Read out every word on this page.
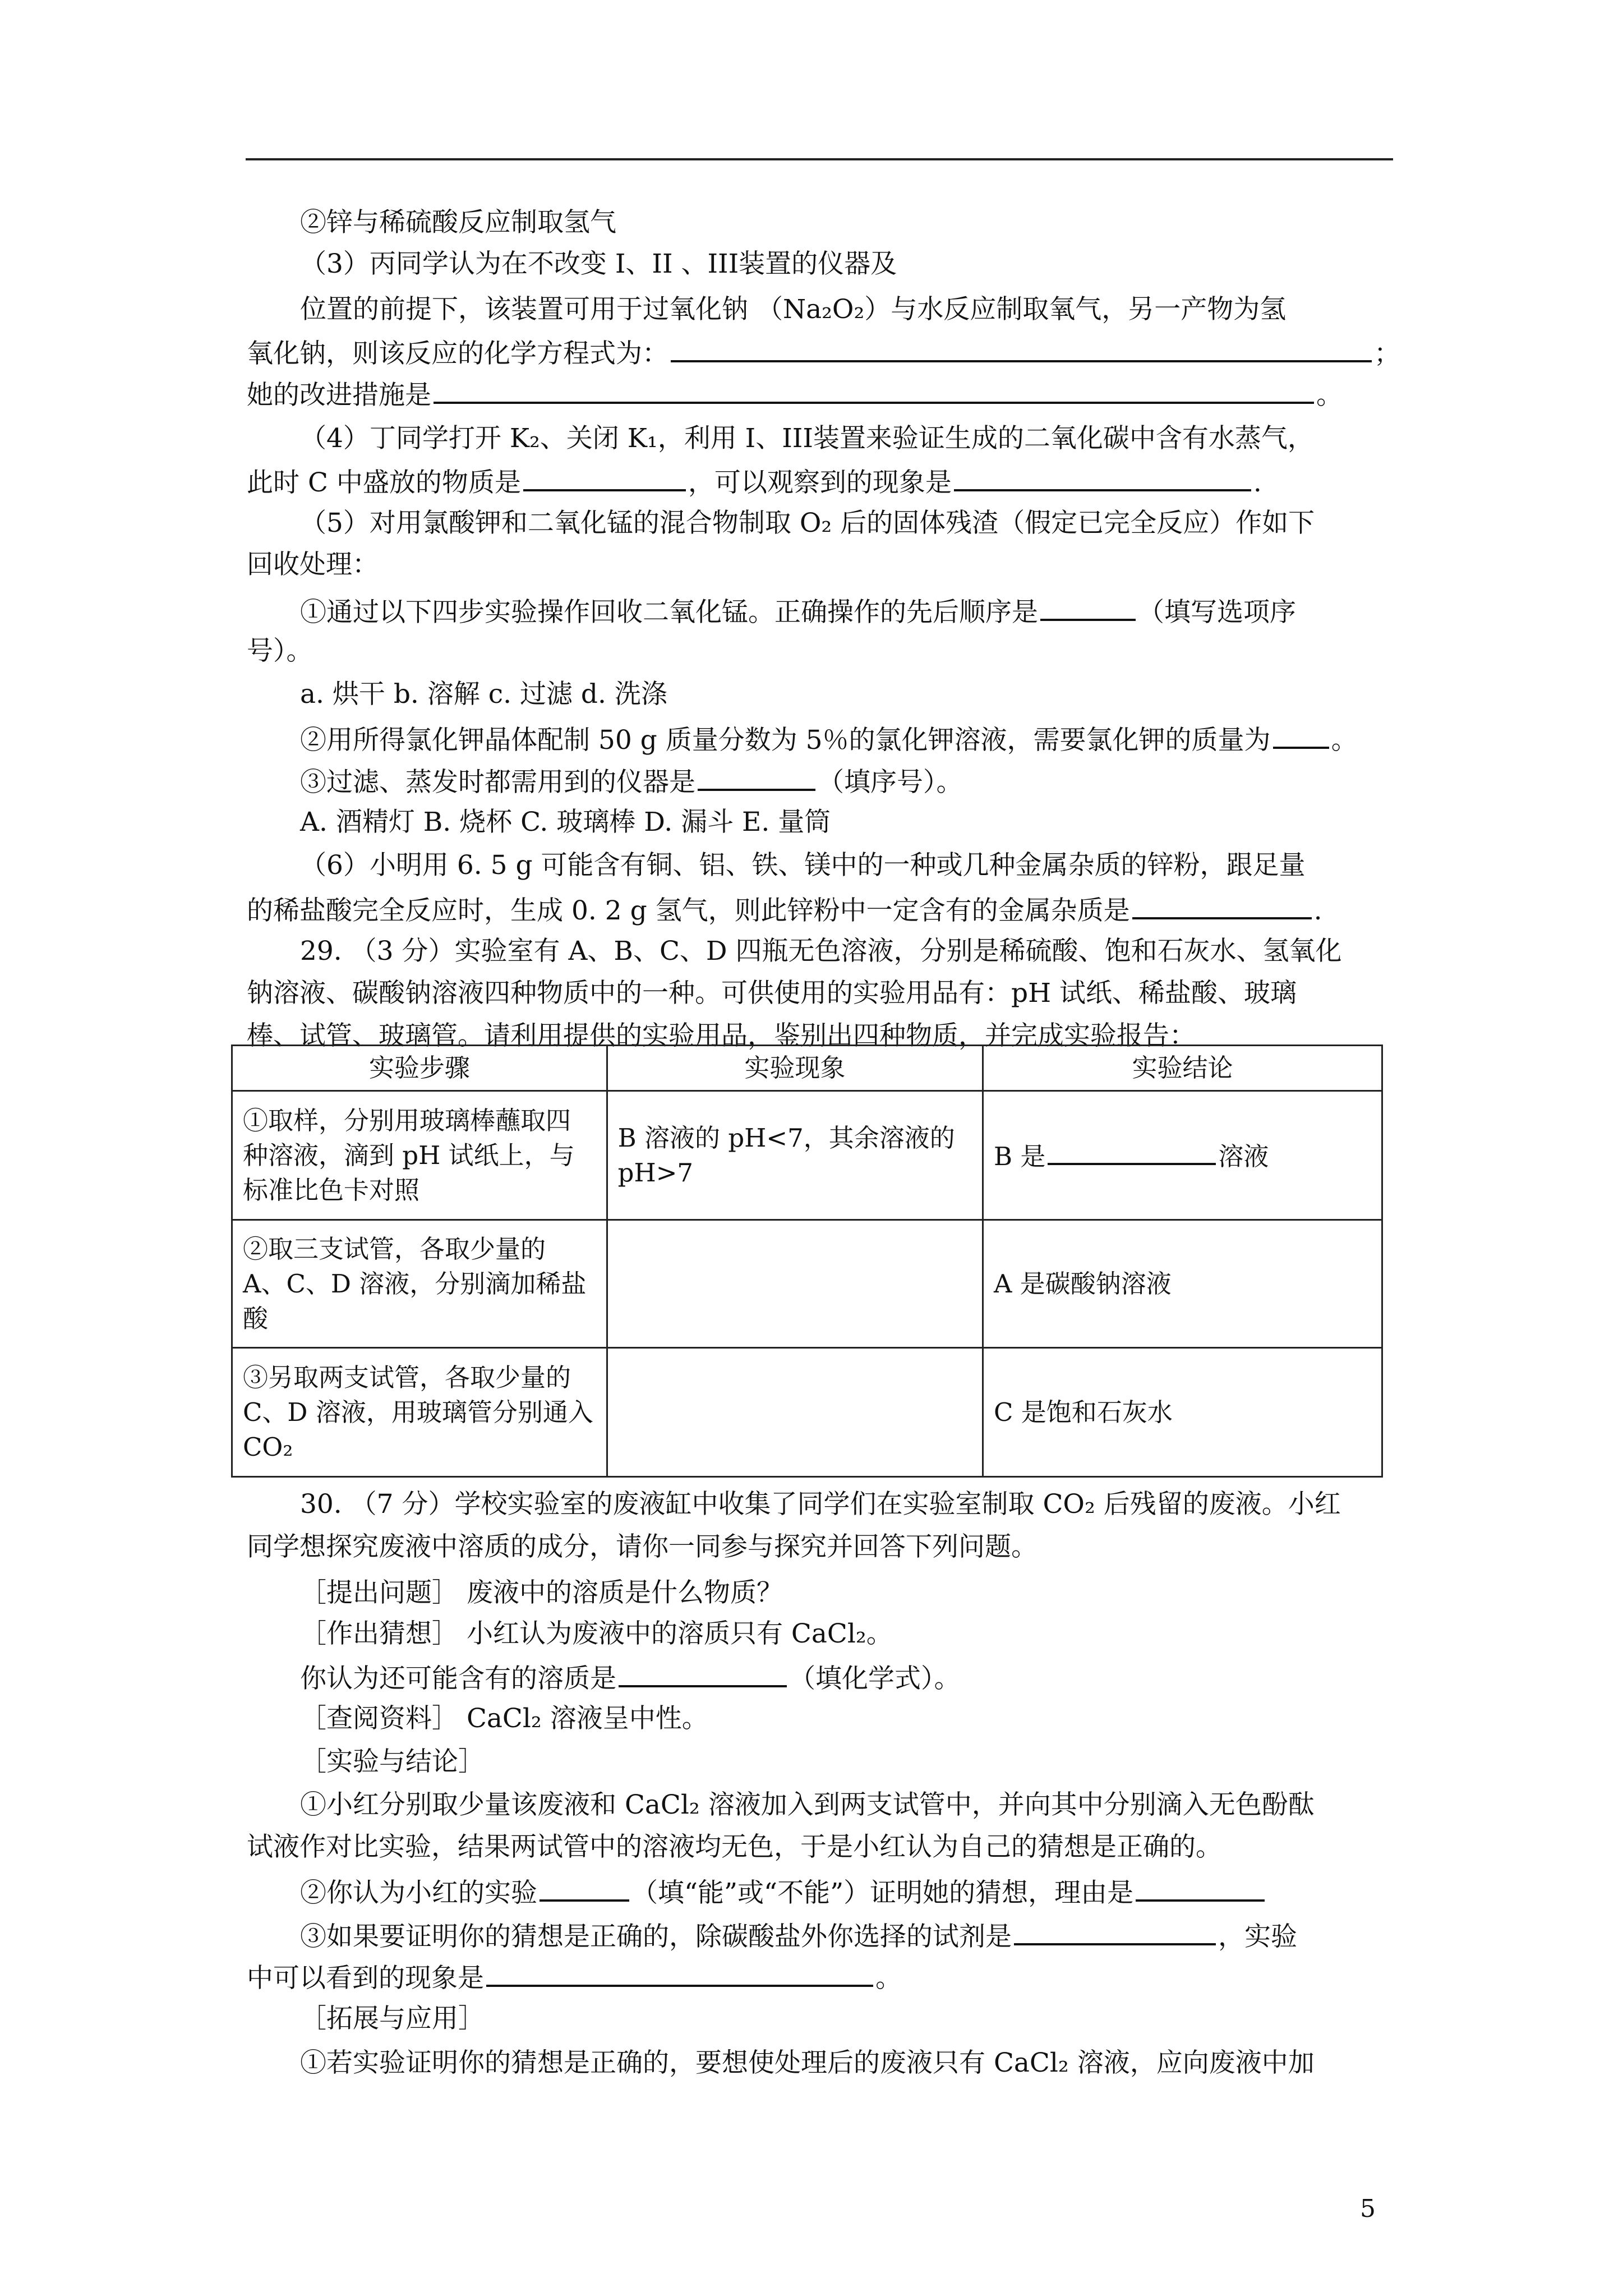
②锌与稀硫酸反应制取氢气
（3）丙同学认为在不改变 I、II 、III装置的仪器及
位置的前提下，该装置可用于过氧化钠 （Na₂O₂）与水反应制取氧气，另一产物为氢
氧化钠，则该反应的化学方程式为：	；
她的改进措施是	。
（4）丁同学打开 K₂、关闭 K₁，利用 I、III装置来验证生成的二氧化碳中含有水蒸气，
此时 C 中盛放的物质是	，可以观察到的现象是	.
（5）对用氯酸钾和二氧化锰的混合物制取 O₂ 后的固体残渣（假定已完全反应）作如下
回收处理：
①通过以下四步实验操作回收二氧化锰。正确操作的先后顺序是	（填写选项序
号）。
a. 烘干 b. 溶解 c. 过滤 d. 洗涤
②用所得氯化钾晶体配制 50 g 质量分数为 5％的氯化钾溶液，需要氯化钾的质量为 。
③过滤、蒸发时都需用到的仪器是	（填序号）。
A. 酒精灯 B. 烧杯 C. 玻璃棒 D. 漏斗 E. 量筒
（6）小明用 6. 5 g 可能含有铜、铝、铁、镁中的一种或几种金属杂质的锌粉，跟足量
的稀盐酸完全反应时，生成 0. 2 g 氢气，则此锌粉中一定含有的金属杂质是	.
29. （3 分）实验室有 A、B、C、D 四瓶无色溶液，分别是稀硫酸、饱和石灰水、氢氧化
钠溶液、碳酸钠溶液四种物质中的一种。可供使用的实验用品有：pH 试纸、稀盐酸、玻璃
棒、试管、玻璃管。请利用提供的实验用品，鉴别出四种物质，并完成实验报告：
实验步骤	实验现象	实验结论
①取样，分别用玻璃棒蘸取四种溶液，滴到 pH 试纸上，与标准比色卡对照	B 溶液的 pH<7，其余溶液的 pH>7	B 是 溶液
②取三支试管，各取少量的 A、C、D 溶液，分别滴加稀盐酸		A 是碳酸钠溶液
③另取两支试管，各取少量的 C、D 溶液，用玻璃管分别通入 CO₂		C 是饱和石灰水
30. （7 分）学校实验室的废液缸中收集了同学们在实验室制取 CO₂ 后残留的废液。小红
同学想探究废液中溶质的成分，请你一同参与探究并回答下列问题。
［提出问题］ 废液中的溶质是什么物质？
［作出猜想］ 小红认为废液中的溶质只有 CaCl₂。
你认为还可能含有的溶质是	（填化学式）。
［查阅资料］ CaCl₂ 溶液呈中性。
［实验与结论］
①小红分别取少量该废液和 CaCl₂ 溶液加入到两支试管中，并向其中分别滴入无色酚酞
试液作对比实验，结果两试管中的溶液均无色，于是小红认为自己的猜想是正确的。
②你认为小红的实验	（填“能”或“不能”）证明她的猜想，理由是
③如果要证明你的猜想是正确的，除碳酸盐外你选择的试剂是	，实验
中可以看到的现象是	。
［拓展与应用］
①若实验证明你的猜想是正确的，要想使处理后的废液只有 CaCl₂ 溶液，应向废液中加
5
